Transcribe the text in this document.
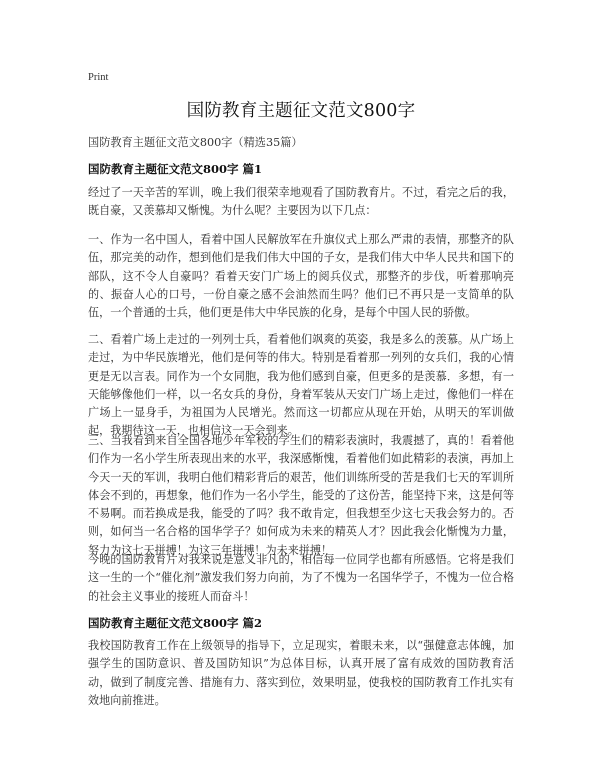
Print
国防教育主题征文范文800字
国防教育主题征文范文800字（精选35篇）
国防教育主题征文范文800字 篇1

经过了一天辛苦的军训，晚上我们很荣幸地观看了国防教育片。不过，看完之后的我，既自豪，又羡慕却又惭愧。为什么呢？主要因为以下几点：

一、作为一名中国人，看着中国人民解放军在升旗仪式上那么严肃的表情，那整齐的队伍，那完美的动作，想到他们是我们伟大中国的子女，是我们伟大中华人民共和国下的部队，这不令人自豪吗？看着天安门广场上的阅兵仪式，那整齐的步伐，听着那响亮的、振奋人心的口号，一份自豪之感不会油然而生吗？他们已不再只是一支简单的队伍，一个普通的士兵，他们更是伟大中华民族的化身，是每个中国人民的骄傲。

二、看着广场上走过的一列列士兵，看着他们飒爽的英姿，我是多么的羡慕。从广场上走过，为中华民族增光，他们是何等的伟大。特别是看着那一列列的女兵们，我的心情更是无以言表。同作为一个女同胞，我为他们感到自豪，但更多的是羡慕．多想，有一天能够像他们一样，以一名女兵的身份，身着军装从天安门广场上走过，像他们一样在广场上一显身手，为祖国为人民增光。然而这一切都应从现在开始，从明天的军训做起，我期待这一天，也相信这一天会到来。

三、当我看到来自全国各地少年军校的学生们的精彩表演时，我震撼了，真的！看着他们作为一名小学生所表现出来的水平，我深感惭愧，看着他们如此精彩的表演，再加上今天一天的军训，我明白他们精彩背后的艰苦，他们训练所受的苦是我们七天的军训所体会不到的，再想象，他们作为一名小学生，能受的了这份苦，能坚持下来，这是何等不易啊。而若换成是我，能受的了吗？我不敢肯定，但我想至少这七天我会努力的。否则，如何当一名合格的国华学子？如何成为未来的精英人才？因此我会化惭愧为力量，努力为这七天拼搏！为这三年拼搏！为未来拼搏！

今晚的国防教育片对我来说是意义非凡的，相信每一位同学也都有所感悟。它将是我们这一生的一个“催化剂”激发我们努力向前，为了不愧为一名国华学子，不愧为一位合格的社会主义事业的接班人而奋斗！

国防教育主题征文范文800字 篇2

我校国防教育工作在上级领导的指导下，立足现实，着眼未来，以“强健意志体魄，加强学生的国防意识、普及国防知识”为总体目标，认真开展了富有成效的国防教育活动，做到了制度完善、措施有力、落实到位，效果明显，使我校的国防教育工作扎实有效地向前推进。
